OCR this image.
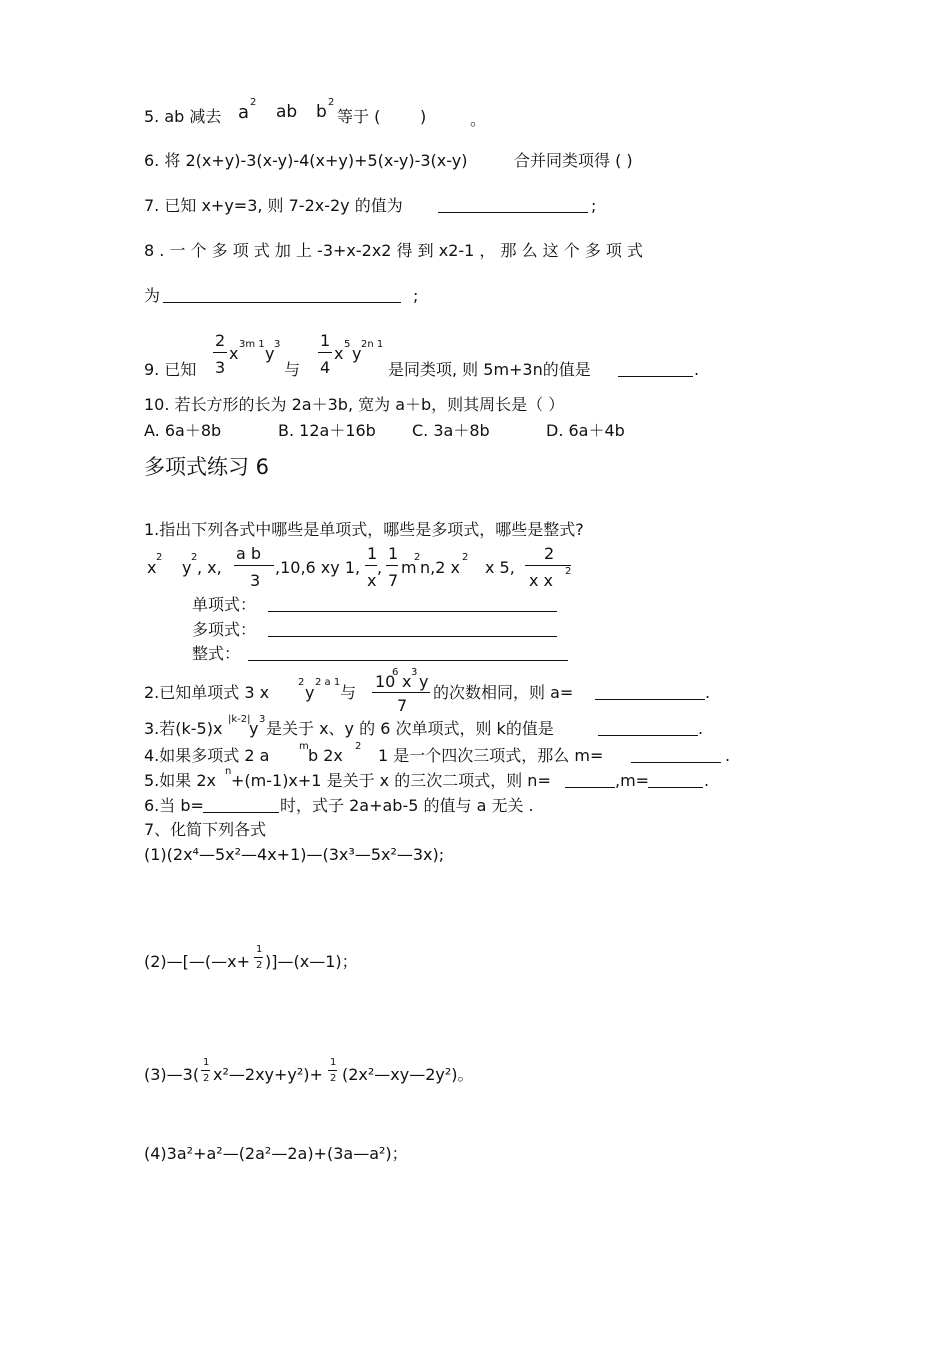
5. ab 减去 a 2 ab b 2
等于 ( )	。
6. 将 2(x+y)-3(x-y)-4(x+y)+5(x-y)-3(x-y)	合并同类项得 ( )
7. 已知 x+y=3, 则 7-2x-2y 的值为	;
8 . 一 个 多 项 式 加 上 -3+x-2x2 得 到 x2-1 ， 那 么 这 个 多 项 式
为	;
9. 已知
2
3
x 3m 1 y 3
与
1
4
x 5 y 2n 1
是同类项, 则 5m+3n的值是	.
10. 若长方形的长为 2a＋3b, 宽为 a＋b，则其周长是（ ）
A. 6a＋8b	B. 12a＋16b C. 3a＋8b	D. 6a＋4b
多项式练习 6
1.指出下列各式中哪些是单项式，哪些是多项式，哪些是整式?
x
2
y
2
, x,
a b
3
,10,6 xy 1,
1
x
,
1
7
m
2
n,2 x
2
x 5,
2
x x 2
单项式：
多项式：
整式：
2.已知单项式 3 x
2
y
2 a 1
与
10
6 x 3 y
7
的次数相同，则 a=	.
3.若(k-5)x |k-2|
y 3 是关于 x、y 的 6 次单项式，则 k的值是	.
4.如果多项式 2 a	m b 2x 2 1 是一个四次三项式，那么 m=	.
5.如果 2x n +(m-1)x+1 是关于 x 的三次二项式，则 n=	,m=	.
6.当 b=	时，式子 2a+ab-5 的值与 a 无关 .
7、化简下列各式
(1)(2x⁴—5x²—4x+1)—(3x³—5x²—3x);
(2)—[—(—x+
1
2 )]—(x—1)；
(3)—3(
1
2 x²—2xy+y²)+
1
2 (2x²—xy—2y²)。
(4)3a²+a²—(2a²—2a)+(3a—a²)；
